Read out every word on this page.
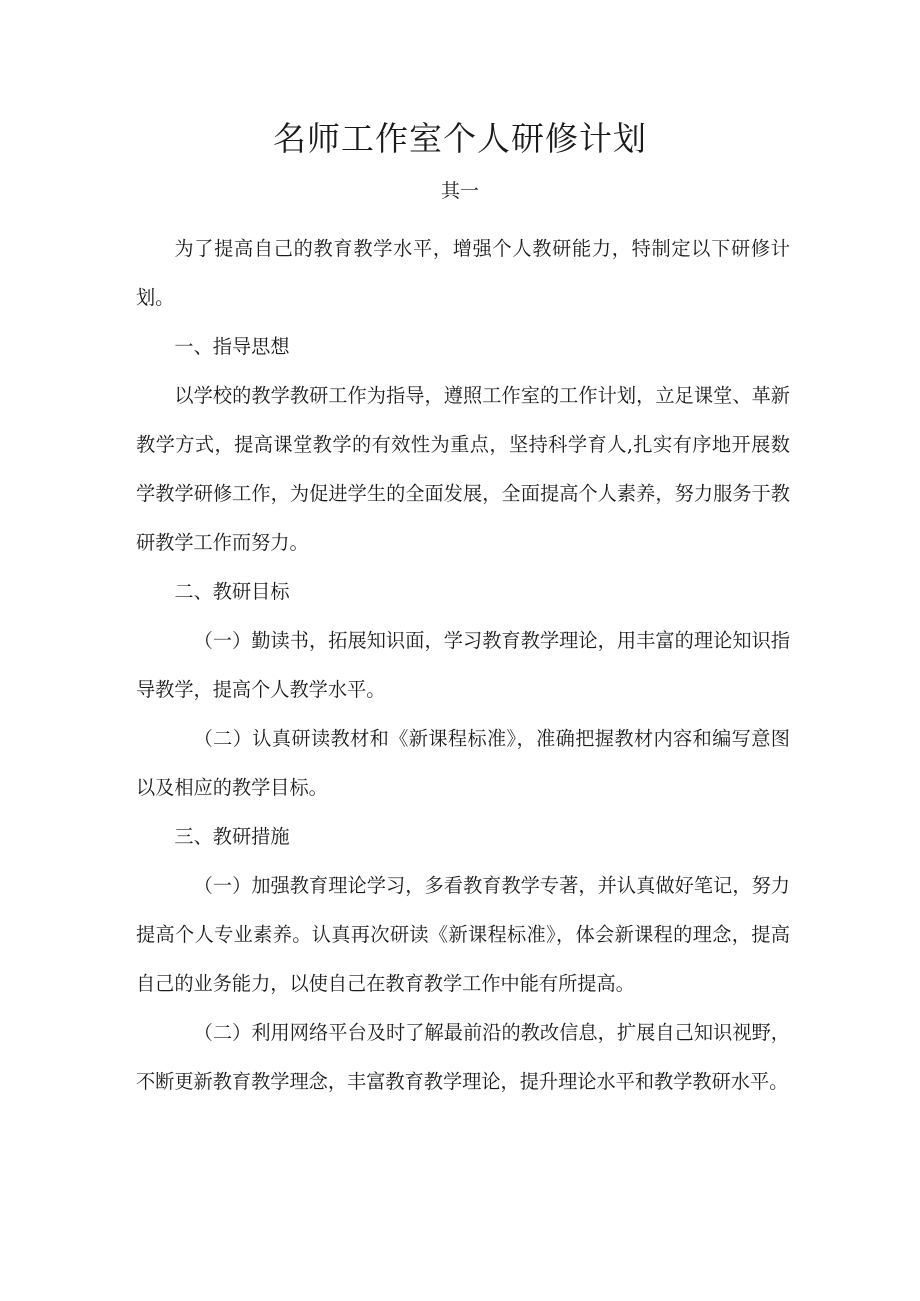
名师工作室个人研修计划
其一

为了提高自己的教育教学水平，增强个人教研能力，特制定以下研修计划。

一、指导思想

以学校的教学教研工作为指导，遵照工作室的工作计划，立足课堂、革新教学方式，提高课堂教学的有效性为重点，坚持科学育人,扎实有序地开展数学教学研修工作，为促进学生的全面发展，全面提高个人素养，努力服务于教研教学工作而努力。

二、教研目标

（一）勤读书，拓展知识面，学习教育教学理论，用丰富的理论知识指导教学，提高个人教学水平。

（二）认真研读教材和《新课程标准》，准确把握教材内容和编写意图以及相应的教学目标。

三、教研措施

（一）加强教育理论学习，多看教育教学专著，并认真做好笔记，努力提高个人专业素养。认真再次研读《新课程标准》，体会新课程的理念，提高自己的业务能力，以使自己在教育教学工作中能有所提高。

（二）利用网络平台及时了解最前沿的教改信息，扩展自己知识视野，不断更新教育教学理念，丰富教育教学理论，提升理论水平和教学教研水平。
